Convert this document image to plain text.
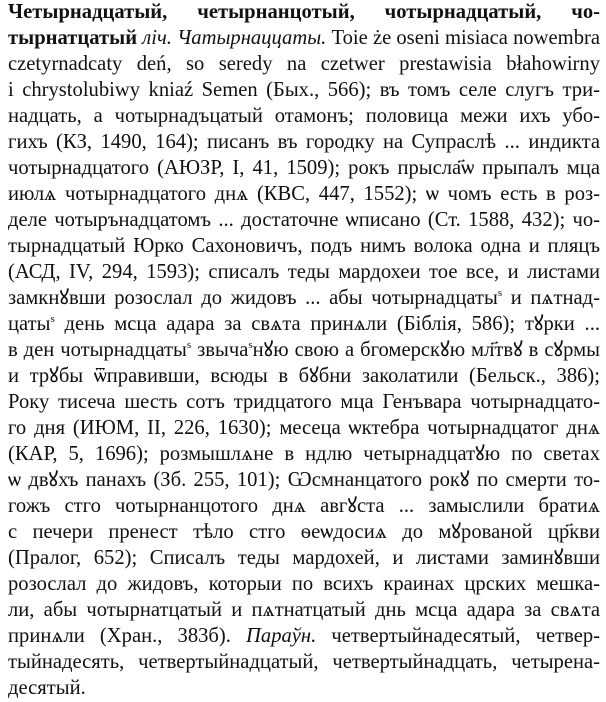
Четырнадцатый, четырнанцотый, чотырнадцатый, чо-
тырнатцатый ліч. Чатырнаццаты. Toie że oseni misiaca nowembra
czetyrnadcaty deń, so seredy na czetwer prestawisia błahowirny
i chrystolubiwy kniaź Semen (Быx., 566); въ томъ селе слугъ три-
надцать, а чотырнадъцатый отамонъ; половица межи ихъ убо-
гихъ (КЗ, 1490, 164); писанъ въ городку на Супраслѣ ... индикта
чотырнадцатого (АЮЗР, I, 41, 1509); рокъ прысла҃ѡ прыпалъ мца
июлѧ чотырнадцатого днѧ (КВС, 447, 1552); ѡ чомъ есть в роз-
деле чотырънадцатомъ ... достаточне ѡписано (Ст. 1588, 432); чо-
тырнадцатый Юрко Сахоновичъ, подъ нимъ волока одна и пляцъ
(АСД, IV, 294, 1593); списалъ теды мардохеи тое все, и листами
замкнꙋвши розослал до жидовъ ... абы чотырнадцаты$^s$ и пѧтнад-
цаты$^s$ день мсца адара за свѧта принѧли (Біблія, 586); тꙋрки ...
в ден чотырнадцаты$^s$ звыча$^s$нꙋю свою а бгомерскꙋю мл҃твꙋ в сꙋрмы
и трꙋбы ѿправивши, всюды в бꙋбни заколатили (Бельск., 386);
Року тисеча шесть сотъ тридцатого мца Генъвара чотырнадцато-
го дня (ИЮМ, II, 226, 1630); месеца ѡктебра чотырнадцатог днѧ
(КАР, 5, 1696); розмышлѧне в ндлю четырнадцатꙋю по светах
ѡ двꙋхъ панахъ (Зб. 255, 101); Ѡсмнанцатого рокꙋ по смерти то-
гожъ стго чотырнанцотого днѧ авгꙋста ... замыслили братиѧ
с печери пренест тѣло стго ѳеѡдосиѧ до мꙋрованой цр҃кви
(Пралог, 652); Списалъ теды мардохей, и листами заминꙋвши
розослал до жидовъ, которыи по всихъ краинах црских мешка-
ли, абы чотырнатцатый и пѧтнатцатый днь мсца адара за свѧта
принѧли (Хран., 383б). Параўн. четвертыйнадесятый, четвер-
тыйнадесять, четвертыйнадцатый, четвертыйнадцать, четырена-
десятый.
